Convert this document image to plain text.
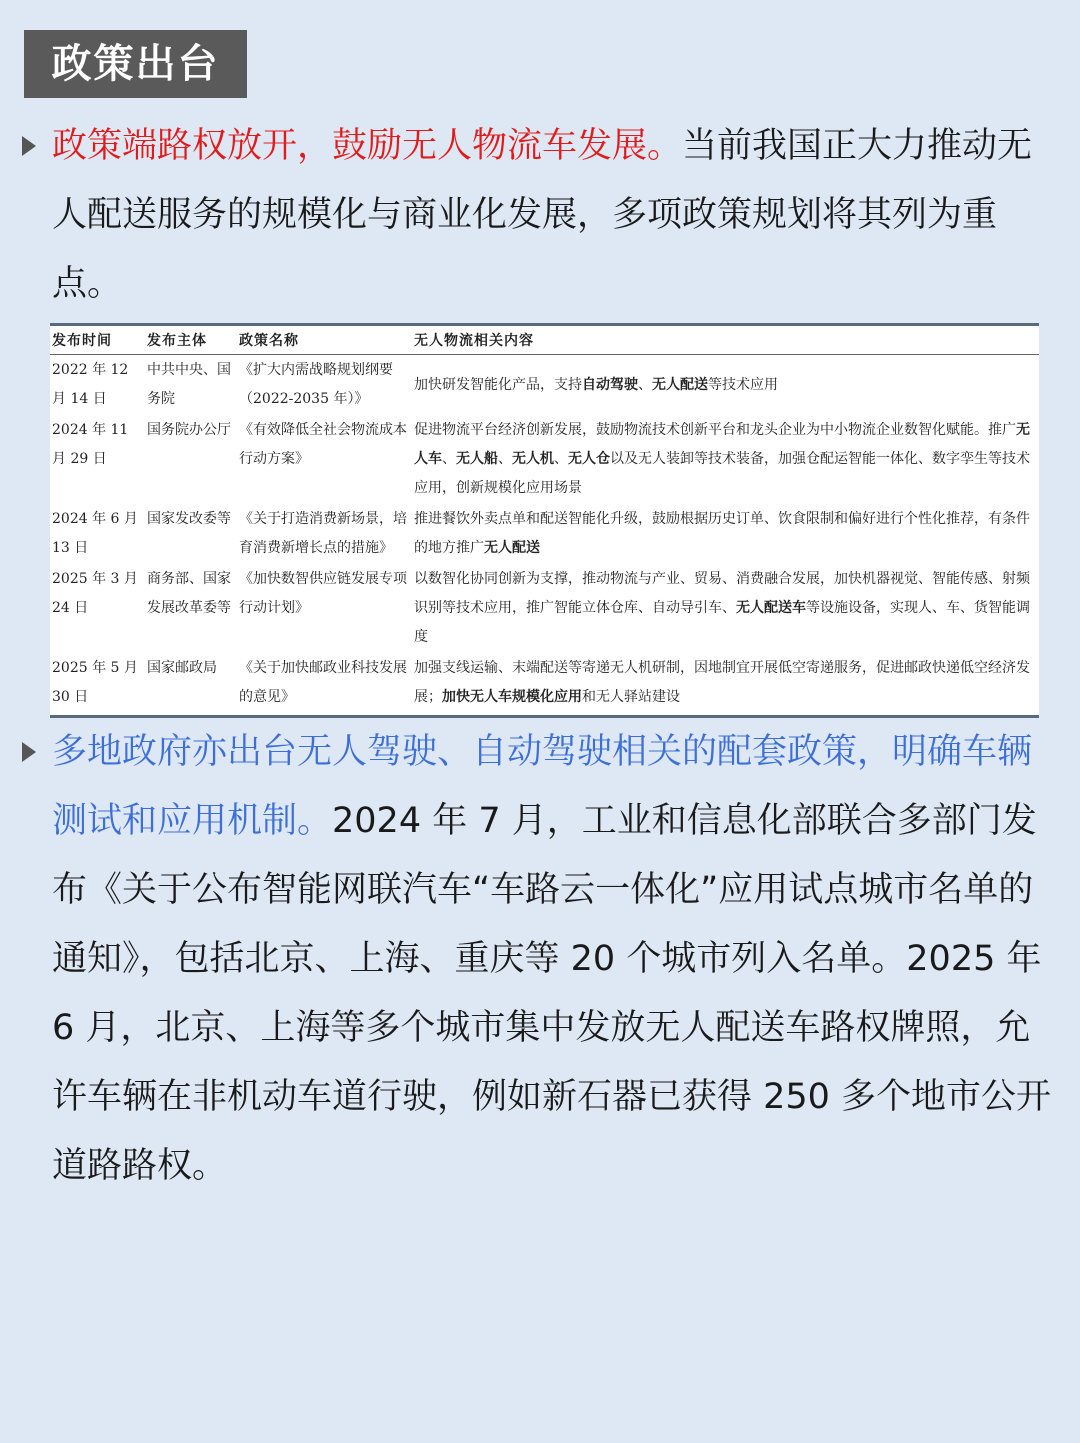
政策出台
政策端路权放开，鼓励无人物流车发展。当前我国正大力推动无人配送服务的规模化与商业化发展，多项政策规划将其列为重点。
发布时间	发布主体	政策名称	无人物流相关内容
2022 年 12 月 14 日	中共中央、国务院	《扩大内需战略规划纲要（2022-2035 年）》	加快研发智能化产品，支持自动驾驶、无人配送等技术应用
2024 年 11 月 29 日	国务院办公厅	《有效降低全社会物流成本行动方案》	促进物流平台经济创新发展，鼓励物流技术创新平台和龙头企业为中小物流企业数智化赋能。推广无人车、无人船、无人机、无人仓以及无人装卸等技术装备，加强仓配运智能一体化、数字孪生等技术应用，创新规模化应用场景
2024 年 6 月 13 日	国家发改委等	《关于打造消费新场景，培育消费新增长点的措施》	推进餐饮外卖点单和配送智能化升级，鼓励根据历史订单、饮食限制和偏好进行个性化推荐，有条件的地方推广无人配送
2025 年 3 月 24 日	商务部、国家发展改革委等	《加快数智供应链发展专项行动计划》	以数智化协同创新为支撑，推动物流与产业、贸易、消费融合发展，加快机器视觉、智能传感、射频识别等技术应用，推广智能立体仓库、自动导引车、无人配送车等设施设备，实现人、车、货智能调度
2025 年 5 月 30 日	国家邮政局	《关于加快邮政业科技发展的意见》	加强支线运输、末端配送等寄递无人机研制，因地制宜开展低空寄递服务，促进邮政快递低空经济发展；加快无人车规模化应用和无人驿站建设
多地政府亦出台无人驾驶、自动驾驶相关的配套政策，明确车辆测试和应用机制。2024 年 7 月，工业和信息化部联合多部门发布《关于公布智能网联汽车“车路云一体化”应用试点城市名单的通知》，包括北京、上海、重庆等 20 个城市列入名单。2025 年 6 月，北京、上海等多个城市集中发放无人配送车路权牌照，允许车辆在非机动车道行驶，例如新石器已获得 250 多个地市公开道路路权。
